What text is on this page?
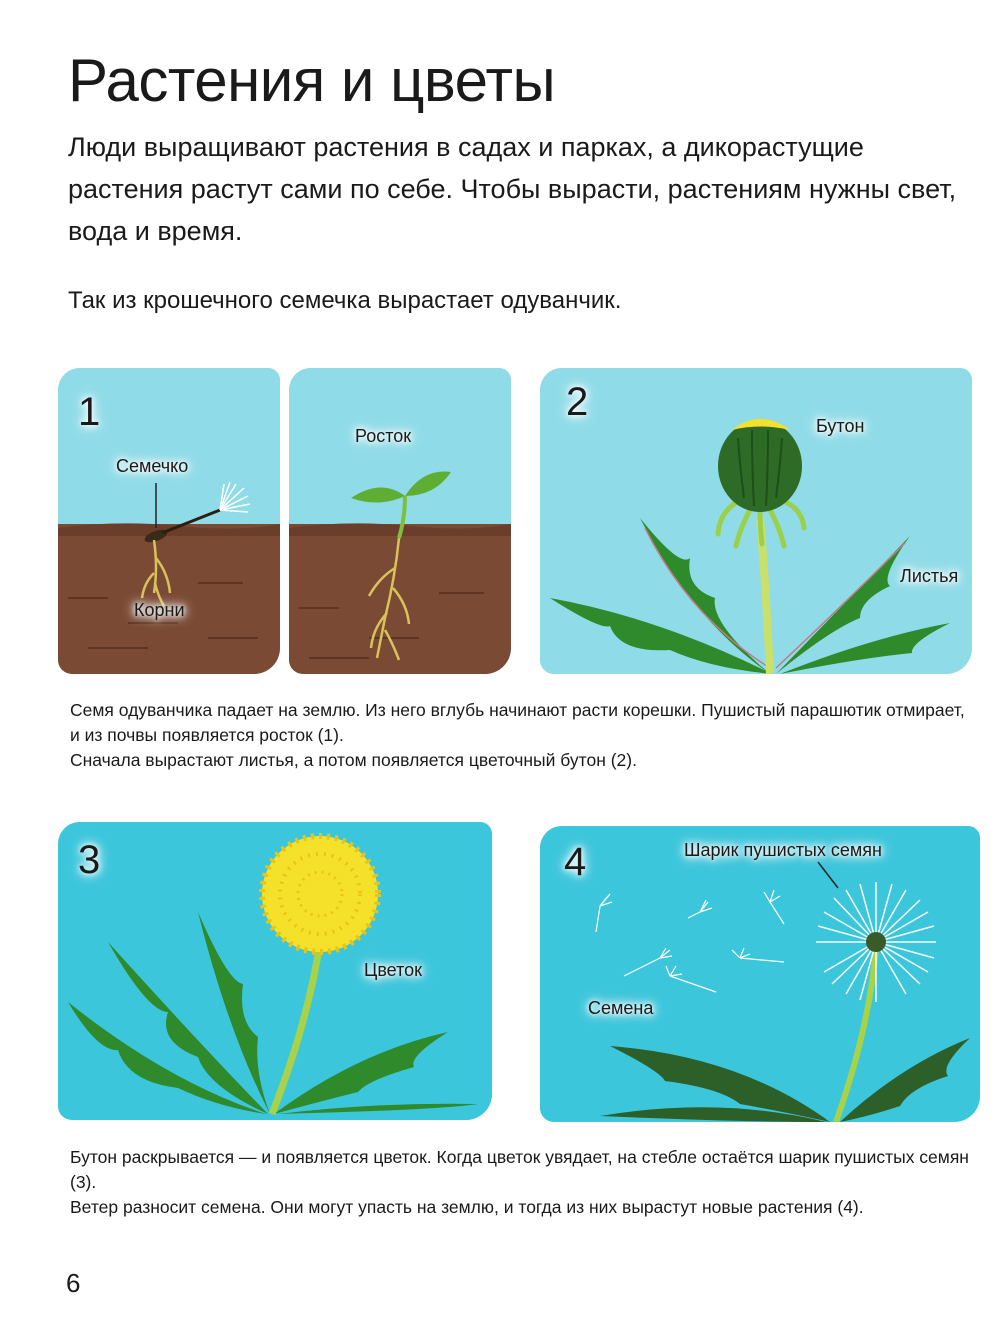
Растения и цветы

Люди выращивают растения в садах и парках, а дикорастущие растения растут сами по себе. Чтобы вырасти, растениям нужны свет, вода и время.

Так из крошечного семечка вырастает одуванчик.

1
Семечко
Корни
Росток
2
Бутон
Листья
3
Цветок
4	Шарик пушистых семян
Семена

Семя одуванчика падает на землю. Из него вглубь начинают расти корешки. Пушистый парашютик отмирает, и из почвы появляется росток (1).

Сначала вырастают листья, а потом появляется цветочный бутон (2).

Бутон раскрывается — и появляется цветок. Когда цветок увядает, на стебле остаётся шарик пушистых семян (3).

Ветер разносит семена. Они могут упасть на землю, и тогда из них вырастут новые растения (4).

6
